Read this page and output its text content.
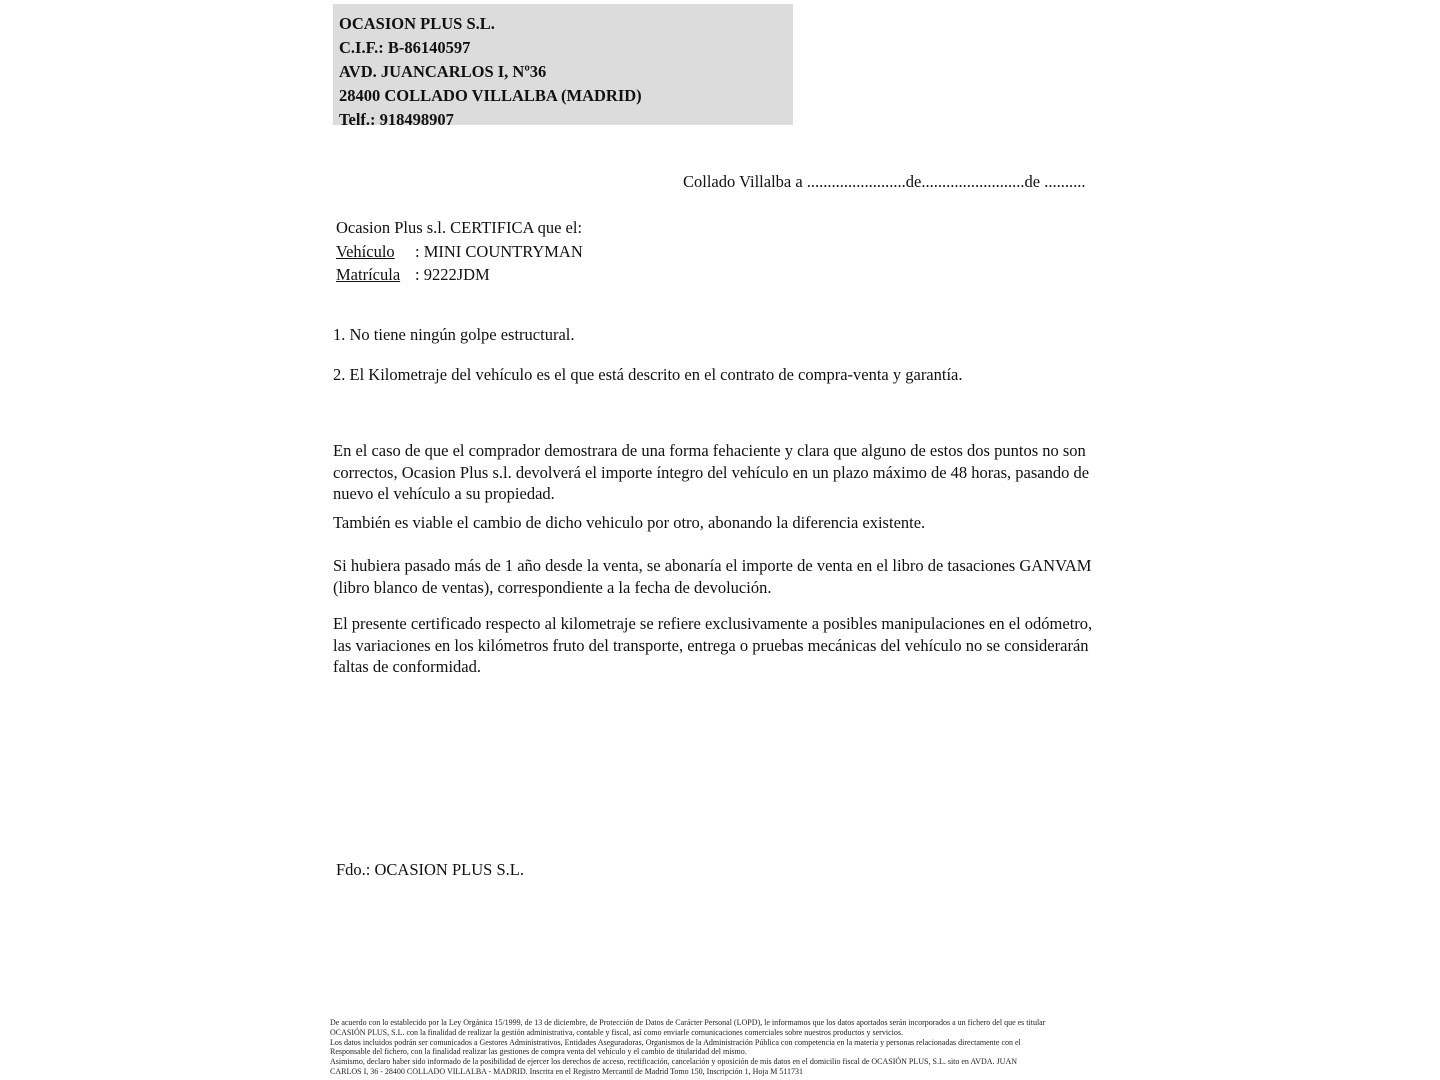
OCASION PLUS S.L.
C.I.F.: B-86140597
AVD. JUANCARLOS I, Nº36
28400 COLLADO VILLALBA (MADRID)
Telf.: 918498907
Collado Villalba a ........................de.........................de ..........
Ocasion Plus s.l. CERTIFICA que el:
Vehículo : MINI COUNTRYMAN
Matrícula : 9222JDM
1. No tiene ningún golpe estructural.
2. El Kilometraje del vehículo es el que está descrito en el contrato de compra-venta y garantía.
En el caso de que el comprador demostrara de una forma fehaciente y clara que alguno de estos dos puntos no son correctos, Ocasion Plus s.l. devolverá el importe íntegro del vehículo en un plazo máximo de 48 horas, pasando de nuevo el vehículo a su propiedad.
También es viable el cambio de dicho vehiculo por otro, abonando la diferencia existente.
Si hubiera pasado más de 1 año desde la venta, se abonaría el importe de venta en el libro de tasaciones GANVAM (libro blanco de ventas), correspondiente a la fecha de devolución.
El presente certificado respecto al kilometraje se refiere exclusivamente a posibles manipulaciones en el odómetro, las variaciones en los kilómetros fruto del transporte, entrega o pruebas mecánicas del vehículo no se considerarán faltas de conformidad.
Fdo.: OCASION PLUS S.L.
De acuerdo con lo establecido por la Ley Orgánica 15/1999, de 13 de diciembre, de Protección de Datos de Carácter Personal (LOPD), le informamos que los datos aportados serán incorporados a un fichero del que es titular
OCASIÓN PLUS, S.L. con la finalidad de realizar la gestión administrativa, contable y fiscal, así como enviarle comunicaciones comerciales sobre nuestros productos y servicios.
Los datos incluidos podrán ser comunicados a Gestores Administrativos, Entidades Aseguradoras, Organismos de la Administración Pública con competencia en la materia y personas relacionadas directamente con el
Responsable del fichero, con la finalidad realizar las gestiones de compra venta del vehículo y el cambio de titularidad del mismo.
Asimismo, declaro haber sido informado de la posibilidad de ejercer los derechos de acceso, rectificación, cancelación y oposición de mis datos en el domicilio fiscal de OCASIÓN PLUS, S.L. sito en AVDA. JUAN
CARLOS I, 36 - 28400 COLLADO VILLALBA - MADRID. Inscrita en el Registro Mercantil de Madrid Tomo 150, Inscripción 1, Hoja M 511731
